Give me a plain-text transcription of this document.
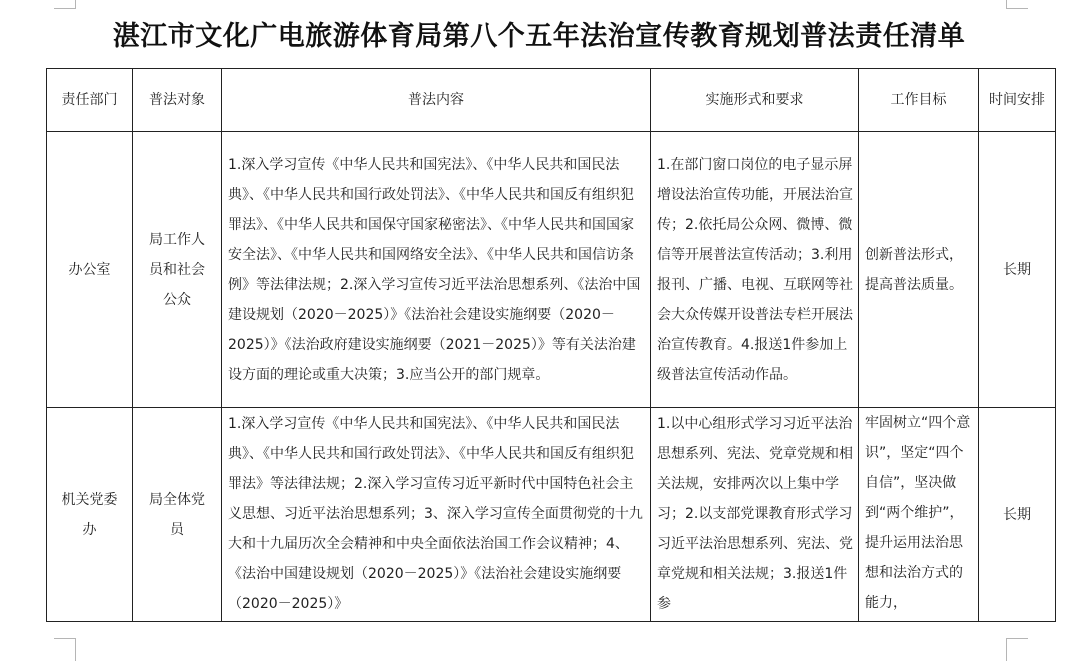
湛江市文化广电旅游体育局第八个五年法治宣传教育规划普法责任清单
责任部门	普法对象	普法内容	实施形式和要求	工作目标	时间安排
办公室	局工作人员和社会公众	1.深入学习宣传《中华人民共和国宪法》、《中华人民共和国民法典》、《中华人民共和国行政处罚法》、《中华人民共和国反有组织犯罪法》、《中华人民共和国保守国家秘密法》、《中华人民共和国国家安全法》、《中华人民共和国网络安全法》、《中华人民共和国信访条例》等法律法规；2.深入学习宣传习近平法治思想系列、《法治中国建设规划（2020－2025）》《法治社会建设实施纲要（2020－2025）》《法治政府建设实施纲要（2021－2025）》等有关法治建设方面的理论或重大决策；3.应当公开的部门规章。	1.在部门窗口岗位的电子显示屏增设法治宣传功能，开展法治宣传；2.依托局公众网、微博、微信等开展普法宣传活动；3.利用报刊、广播、电视、互联网等社会大众传媒开设普法专栏开展法治宣传教育。4.报送1件参加上级普法宣传活动作品。	创新普法形式，提高普法质量。	长期
机关党委办	局全体党员	1.深入学习宣传《中华人民共和国宪法》、《中华人民共和国民法典》、《中华人民共和国行政处罚法》、《中华人民共和国反有组织犯罪法》等法律法规；2.深入学习宣传习近平新时代中国特色社会主义思想、习近平法治思想系列；3、深入学习宣传全面贯彻党的十九大和十九届历次全会精神和中央全面依法治国工作会议精神；4、《法治中国建设规划（2020－2025）》《法治社会建设实施纲要（2020－2025）》	1.以中心组形式学习习近平法治思想系列、宪法、党章党规和相关法规，安排两次以上集中学习；2.以支部党课教育形式学习习近平法治思想系列、宪法、党章党规和相关法规；3.报送1件参	牢固树立“四个意识”，坚定“四个自信”，坚决做到“两个维护”，提升运用法治思想和法治方式的能力，	长期
